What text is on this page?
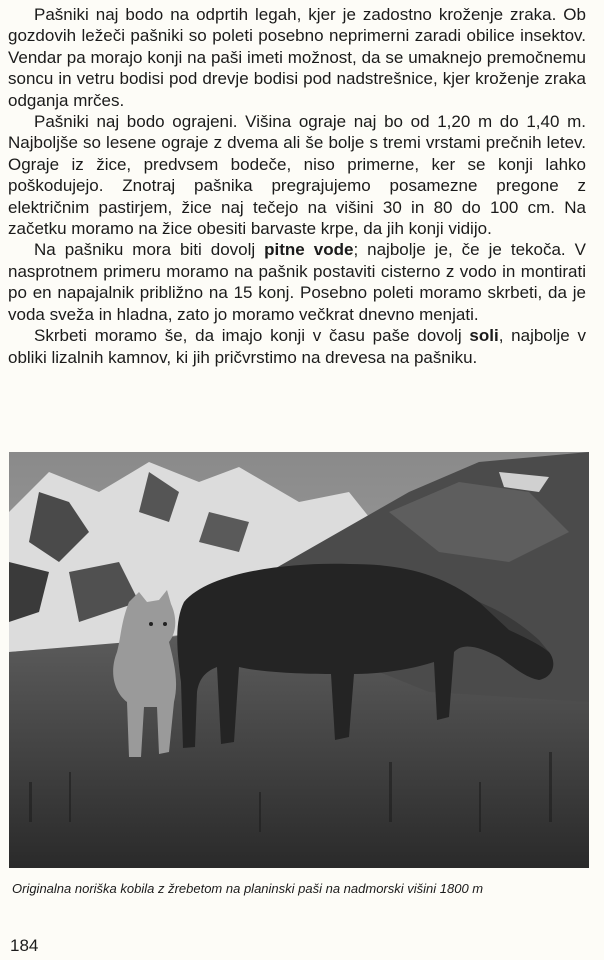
Pašniki naj bodo na odprtih legah, kjer je zadostno kroženje zraka. Ob gozdovih ležeči pašniki so poleti posebno neprimerni zaradi obilice insektov. Vendar pa morajo konji na paši imeti možnost, da se umaknejo premočnemu soncu in vetru bodisi pod drevje bodisi pod nadstrešnice, kjer kroženje zraka odganja mrčes.

Pašniki naj bodo ograjeni. Višina ograje naj bo od 1,20 m do 1,40 m. Najboljše so lesene ograje z dvema ali še bolje s tremi vrstami prečnih letev. Ograje iz žice, predvsem bodeče, niso primerne, ker se konji lahko poškodujejo. Znotraj pašnika pregrajujemo posamezne pregone z električnim pastirjem, žice naj tečejo na višini 30 in 80 do 100 cm. Na začetku moramo na žice obesiti barvaste krpe, da jih konji vidijo.

Na pašniku mora biti dovolj pitne vode; najbolje je, če je tekoča. V nasprotnem primeru moramo na pašnik postaviti cisterno z vodo in montirati po en napajalnik približno na 15 konj. Posebno poleti moramo skrbeti, da je voda sveža in hladna, zato jo moramo večkrat dnevno menjati.

Skrbeti moramo še, da imajo konji v času paše dovolj soli, najbolje v obliki lizalnih kamnov, ki jih pričvrstimo na drevesa na pašniku.

Originalna noriška kobila z žrebetom na planinski paši na nadmorski višini 1800 m
184
